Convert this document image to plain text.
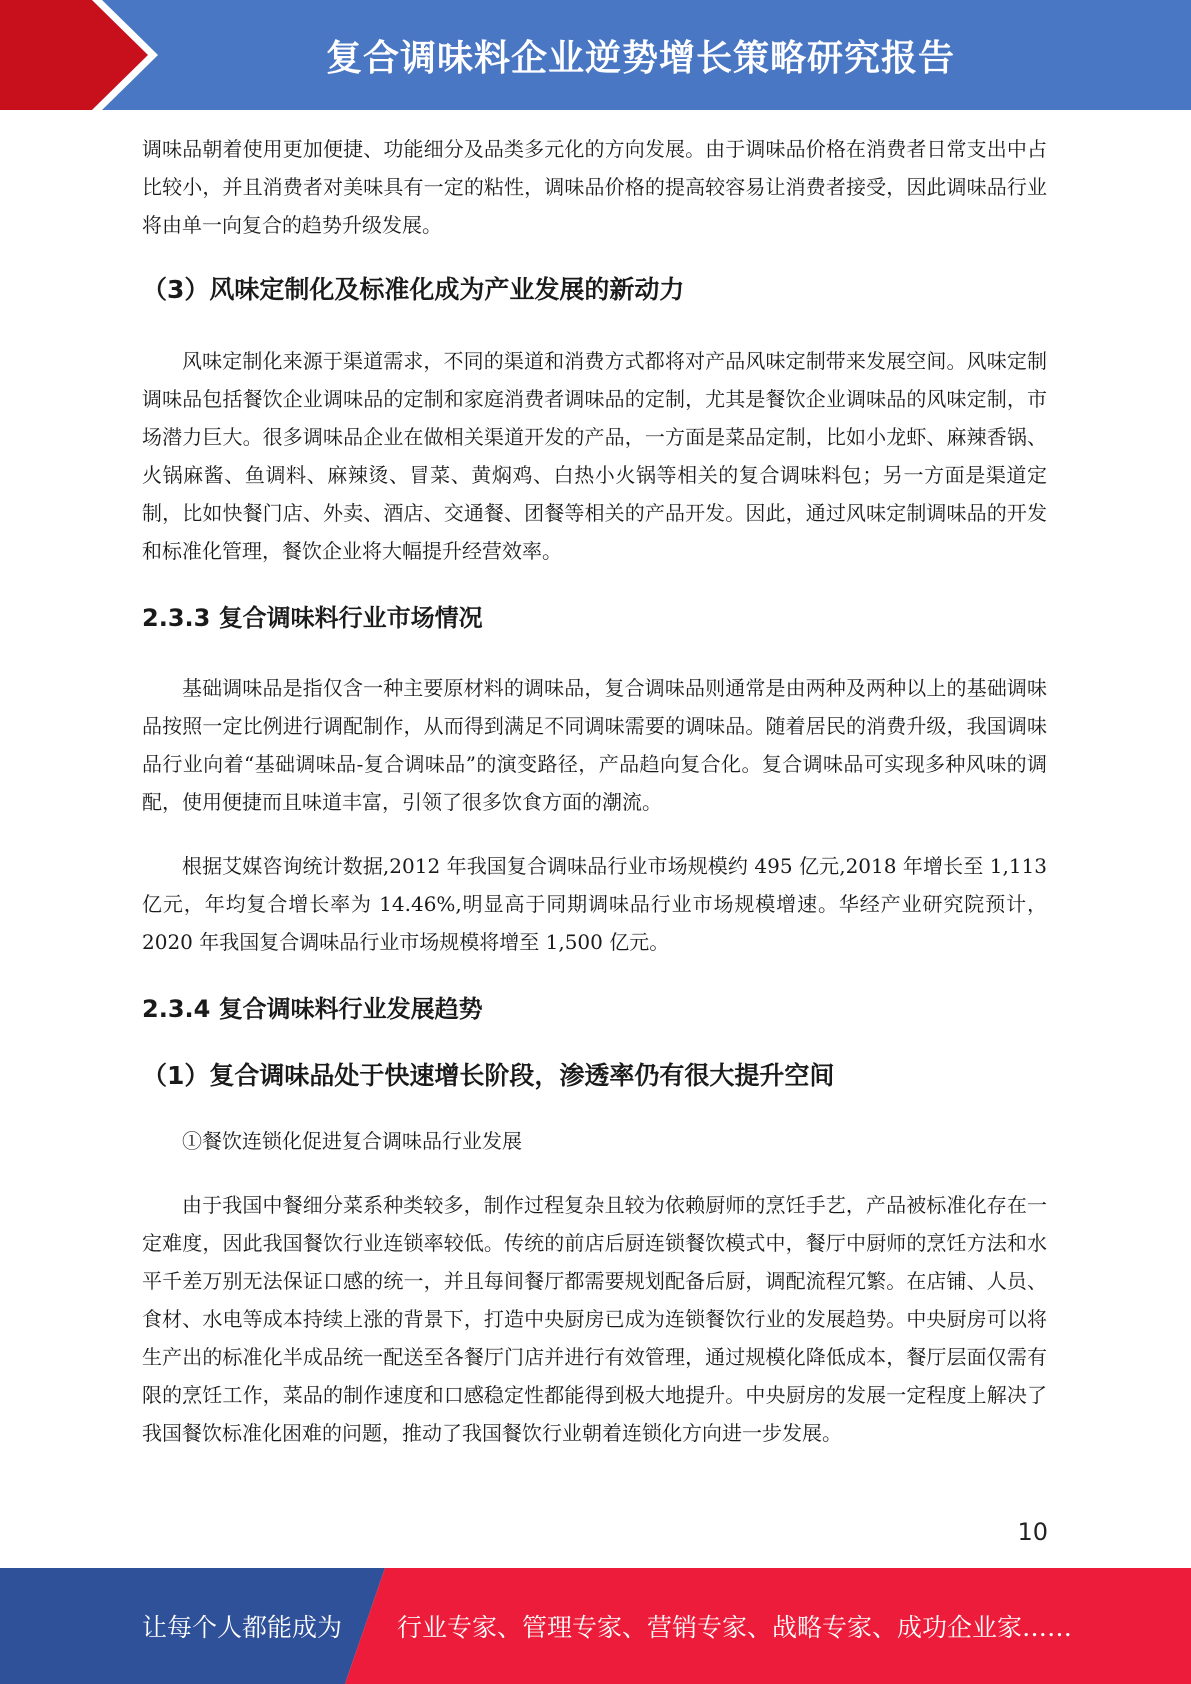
复合调味料企业逆势增长策略研究报告

调味品朝着使用更加便捷、功能细分及品类多元化的方向发展。由于调味品价格在消费者日常支出中占比较小，并且消费者对美味具有一定的粘性，调味品价格的提高较容易让消费者接受，因此调味品行业将由单一向复合的趋势升级发展。

（3）风味定制化及标准化成为产业发展的新动力

风味定制化来源于渠道需求，不同的渠道和消费方式都将对产品风味定制带来发展空间。风味定制调味品包括餐饮企业调味品的定制和家庭消费者调味品的定制，尤其是餐饮企业调味品的风味定制，市场潜力巨大。很多调味品企业在做相关渠道开发的产品，一方面是菜品定制，比如小龙虾、麻辣香锅、火锅麻酱、鱼调料、麻辣烫、冒菜、黄焖鸡、白热小火锅等相关的复合调味料包；另一方面是渠道定制，比如快餐门店、外卖、酒店、交通餐、团餐等相关的产品开发。因此，通过风味定制调味品的开发和标准化管理，餐饮企业将大幅提升经营效率。

2.3.3 复合调味料行业市场情况

基础调味品是指仅含一种主要原材料的调味品，复合调味品则通常是由两种及两种以上的基础调味品按照一定比例进行调配制作，从而得到满足不同调味需要的调味品。随着居民的消费升级，我国调味品行业向着“基础调味品-复合调味品”的演变路径，产品趋向复合化。复合调味品可实现多种风味的调配，使用便捷而且味道丰富，引领了很多饮食方面的潮流。

根据艾媒咨询统计数据,2012 年我国复合调味品行业市场规模约 495 亿元,2018 年增长至 1,113 亿元，年均复合增长率为 14.46%,明显高于同期调味品行业市场规模增速。华经产业研究院预计，2020 年我国复合调味品行业市场规模将增至 1,500 亿元。

2.3.4 复合调味料行业发展趋势

（1）复合调味品处于快速增长阶段，渗透率仍有很大提升空间

①餐饮连锁化促进复合调味品行业发展

由于我国中餐细分菜系种类较多，制作过程复杂且较为依赖厨师的烹饪手艺，产品被标准化存在一定难度，因此我国餐饮行业连锁率较低。传统的前店后厨连锁餐饮模式中，餐厅中厨师的烹饪方法和水平千差万别无法保证口感的统一，并且每间餐厅都需要规划配备后厨，调配流程冗繁。在店铺、人员、食材、水电等成本持续上涨的背景下，打造中央厨房已成为连锁餐饮行业的发展趋势。中央厨房可以将生产出的标准化半成品统一配送至各餐厅门店并进行有效管理，通过规模化降低成本，餐厅层面仅需有限的烹饪工作，菜品的制作速度和口感稳定性都能得到极大地提升。中央厨房的发展一定程度上解决了我国餐饮标准化困难的问题，推动了我国餐饮行业朝着连锁化方向进一步发展。

10
让每个人都能成为 行业专家、管理专家、营销专家、战略专家、成功企业家……
